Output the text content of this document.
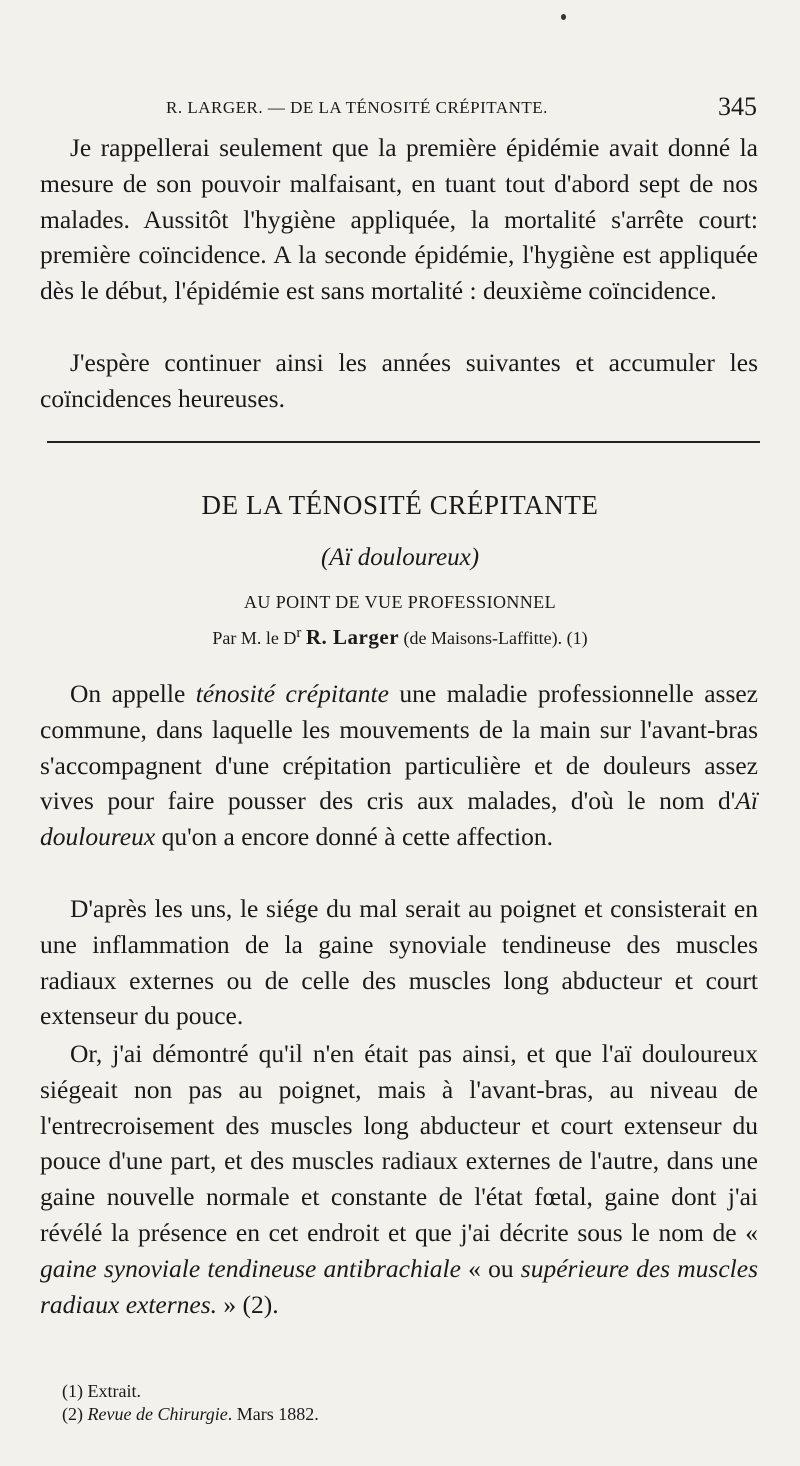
R. LARGER. — DE LA TÉNOSITÉ CRÉPITANTE.	345

Je rappellerai seulement que la première épidémie avait donné la mesure de son pouvoir malfaisant, en tuant tout d'abord sept de nos malades. Aussitôt l'hygiène appliquée, la mortalité s'arrête court: première coïncidence. A la seconde épidémie, l'hygiène est appliquée dès le début, l'épidémie est sans mortalité : deuxième coïncidence.

J'espère continuer ainsi les années suivantes et accumuler les coïncidences heureuses.

DE LA TÉNOSITÉ CRÉPITANTE
(Aï douloureux)
AU POINT DE VUE PROFESSIONNEL
Par M. le $D^r$ R. Larger (de Maisons-Laffitte). (1)

On appelle ténosité crépitante une maladie professionnelle assez commune, dans laquelle les mouvements de la main sur l'avant-bras s'accompagnent d'une crépitation particulière et de douleurs assez vives pour faire pousser des cris aux malades, d'où le nom d'Aï douloureux qu'on a encore donné à cette affection.

D'après les uns, le siége du mal serait au poignet et consisterait en une inflammation de la gaine synoviale tendineuse des muscles radiaux externes ou de celle des muscles long abducteur et court extenseur du pouce.

Or, j'ai démontré qu'il n'en était pas ainsi, et que l'aï douloureux siégeait non pas au poignet, mais à l'avant-bras, au niveau de l'entrecroisement des muscles long abducteur et court extenseur du pouce d'une part, et des muscles radiaux externes de l'autre, dans une gaine nouvelle normale et constante de l'état fœtal, gaine dont j'ai révélé la présence en cet endroit et que j'ai décrite sous le nom de « gaine synoviale tendineuse antibrachiale « ou supérieure des muscles radiaux externes. » (2).

(1) Extrait.
(2) Revue de Chirurgie. Mars 1882.
